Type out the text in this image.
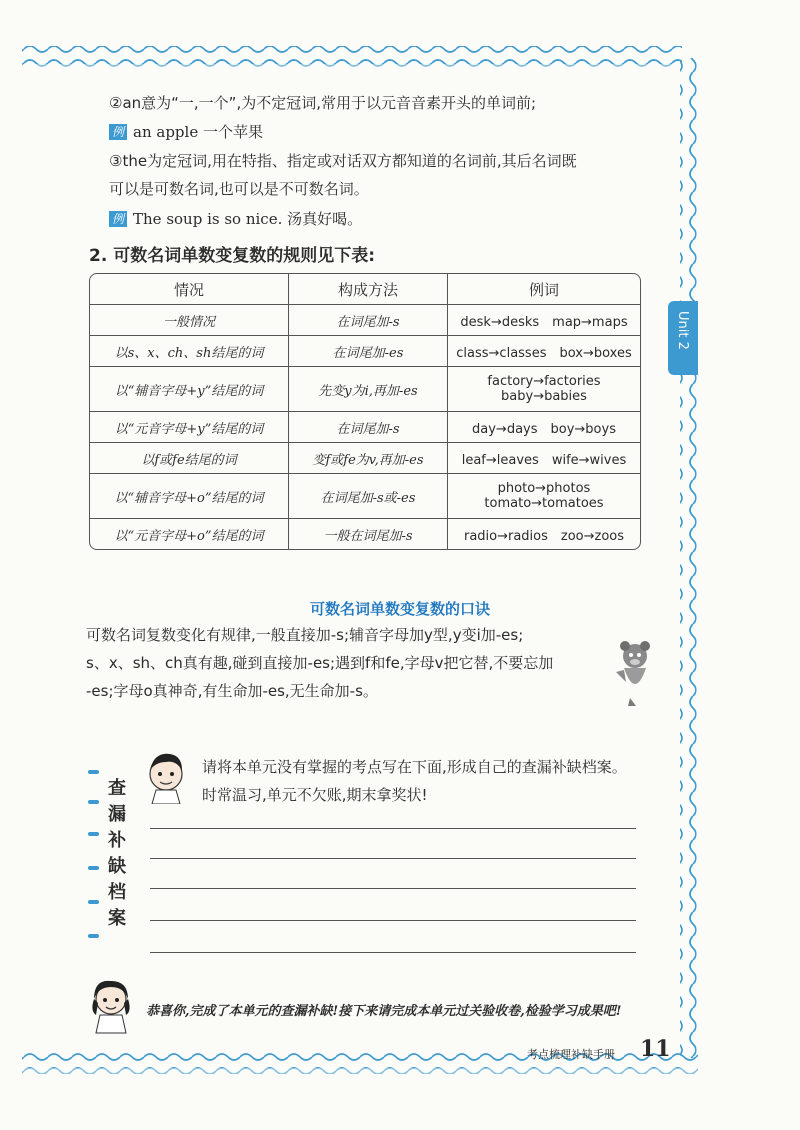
②an意为“一,一个”,为不定冠词,常用于以元音音素开头的单词前;
例 an apple 一个苹果
③the为定冠词,用在特指、指定或对话双方都知道的名词前,其后名词既
可以是可数名词,也可以是不可数名词。
例 The soup is so nice. 汤真好喝。
2. 可数名词单数变复数的规则见下表:
情况	构成方法	例词
一般情况	在词尾加-s	desk→desks　map→maps
以s、x、ch、sh结尾的词	在词尾加-es	class→classes　box→boxes
以“辅音字母+y”结尾的词	先变y为i,再加-es	factory→factories
baby→babies

以“元音字母+y”结尾的词	在词尾加-s	day→days　boy→boys
以f或fe结尾的词	变f或fe为v,再加-es	leaf→leaves　wife→wives
以“辅音字母+o”结尾的词	在词尾加-s或-es	photo→photos
tomato→tomatoes

以“元音字母+o”结尾的词	一般在词尾加-s	radio→radios　zoo→zoos
Unit 2
可数名词单数变复数的口诀
可数名词复数变化有规律,一般直接加-s;辅音字母加y型,y变i加-es;
s、x、sh、ch真有趣,碰到直接加-es;遇到f和fe,字母v把它替,不要忘加
-es;字母o真神奇,有生命加-es,无生命加-s。
请将本单元没有掌握的考点写在下面,形成自己的查漏补缺档案。
时常温习,单元不欠账,期末拿奖状!
查
漏
补
缺
档
案
恭喜你,完成了本单元的查漏补缺!接下来请完成本单元过关验收卷,检验学习成果吧!
考点梳理补缺手册 11
